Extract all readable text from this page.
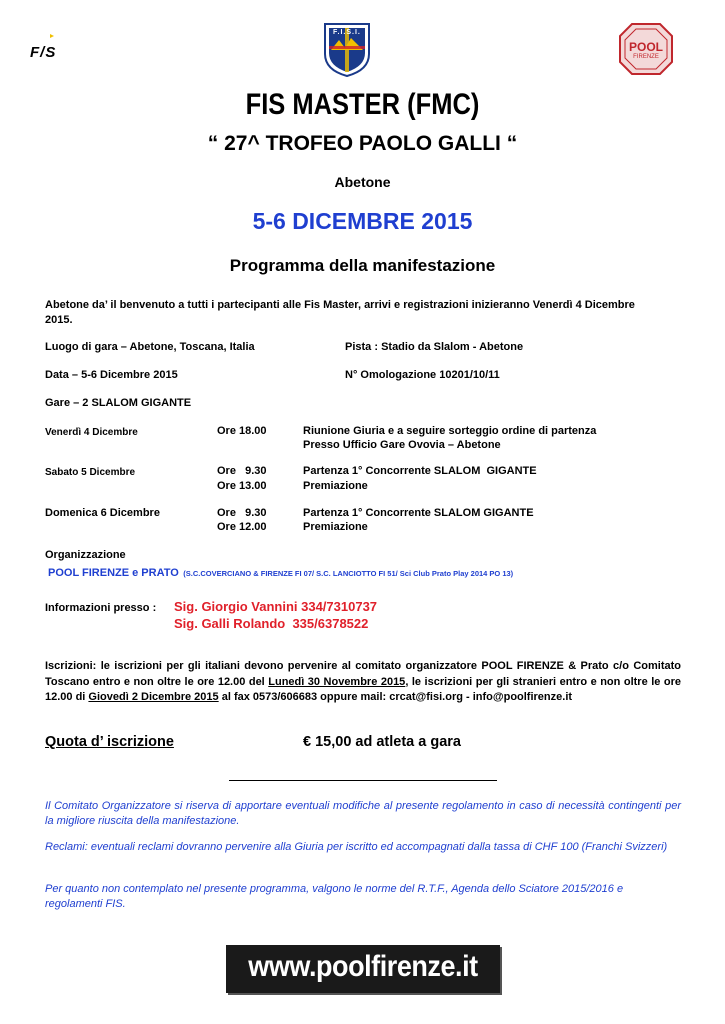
F/S
F.I.S.I.
POOL
FIRENZE
FIS MASTER (FMC)
“ 27^ TROFEO PAOLO GALLI “
Abetone
5-6 DICEMBRE 2015
Programma della manifestazione
Abetone da’ il benvenuto a tutti i partecipanti alle Fis Master, arrivi e registrazioni inizieranno Venerdì 4 Dicembre 2015.
Luogo di gara – Abetone, Toscana, Italia	Pista : Stadio da Slalom - Abetone
Data – 5-6 Dicembre 2015	N° Omologazione 10201/10/11
Gare – 2 SLALOM GIGANTE
Venerdì 4 Dicembre	Ore 18.00	Riunione Giuria e a seguire sorteggio ordine di partenza
Presso Ufficio Gare Ovovia – Abetone
Sabato 5 Dicembre	Ore   9.30	Partenza 1° Concorrente SLALOM  GIGANTE
Ore 13.00	Premiazione
Domenica 6 Dicembre	Ore   9.30	Partenza 1° Concorrente SLALOM GIGANTE
Ore 12.00	Premiazione
Organizzazione
POOL FIRENZE e PRATO (S.C.COVERCIANO & FIRENZE FI 07/ S.C. LANCIOTTO FI 51/ Sci Club Prato Play 2014 PO 13)
Informazioni presso : Sig. Giorgio Vannini 334/7310737
Sig. Galli Rolando  335/6378522
Iscrizioni: le iscrizioni per gli italiani devono pervenire al comitato organizzatore POOL FIRENZE & Prato c/o Comitato Toscano entro e non oltre le ore 12.00 del Lunedì 30 Novembre 2015, le iscrizioni per gli stranieri entro e non oltre le ore 12.00 di Giovedì 2 Dicembre 2015 al fax 0573/606683 oppure mail: crcat@fisi.org - info@poolfirenze.it
Quota d’ iscrizione	€ 15,00 ad atleta a gara
Il Comitato Organizzatore si riserva di apportare eventuali modifiche al presente regolamento in caso di necessità contingenti per la migliore riuscita della manifestazione.
Reclami: eventuali reclami dovranno pervenire alla Giuria per iscritto ed accompagnati dalla tassa di CHF 100 (Franchi Svizzeri)
Per quanto non contemplato nel presente programma, valgono le norme del R.T.F., Agenda dello Sciatore 2015/2016 e regolamenti FIS.
www.poolfirenze.it
